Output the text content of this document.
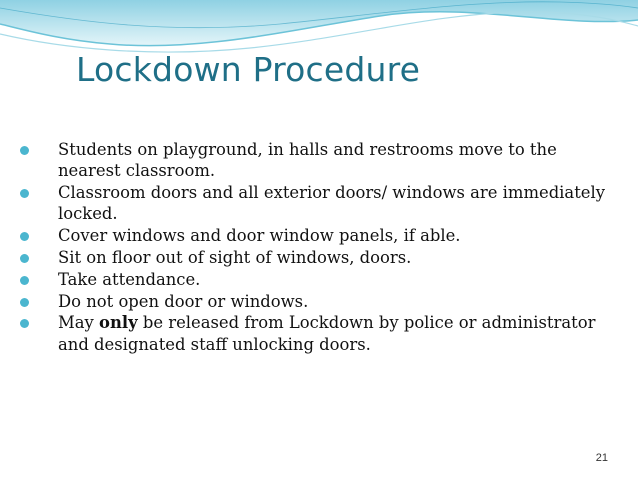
Lockdown Procedure
Students on playground, in halls and restrooms move to the nearest classroom.
Classroom doors and all exterior doors/ windows are immediately locked.
Cover windows and door window panels, if able.
Sit on floor out of sight of windows, doors.
Take attendance.
Do not open door or windows.
May only be released from Lockdown by police or administrator and designated staff unlocking doors.
21
